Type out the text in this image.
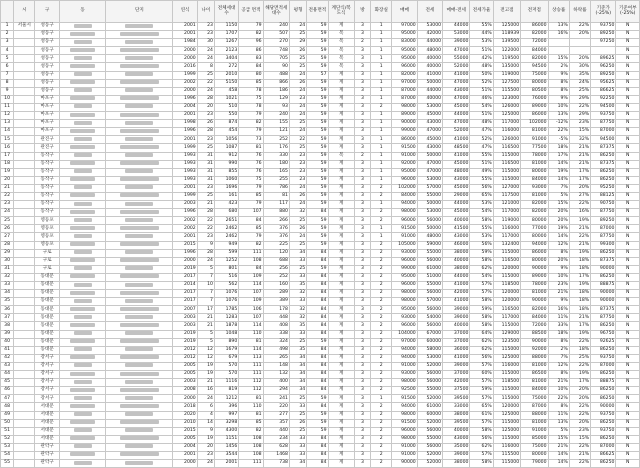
	시	구	동	단지	연식	나이	전체세대수	공급 면적	해당면적세대수	평형	전용면적	계단식/복도식	방	화장실	매매	전세	매매-전세	전세가율	전고점	전저점	상승률	하락률	기준가(-25%)	기준여부(-25%)
1	서울시	성동구			2001	23	1150	79	240	24	59	계	3	1	97000	53000	44000	55%	125000	86000	13%	22%	93750	N
2		성동구			2001	23	1707	82	507	25	59	복	3	1	95000	42000	53000	44%	118939	82000	16%	20%	89250	N
3		성동구			1984	30	1267	96	270	29	59	복	2	1	83000	44000	39000	53%	139500	72000			97250	N
4		성동구			2000	24	2123	86	748	26	59	복	3	1	95000	48000	47000	51%	122000	84000				N
5		성동구			2000	24	3404	83	705	25	59	복	3	1	95000	40000	55000	42%	119500	82000	15%	20%	89625	N
6		성동구			2016	8	272	84	90	25	59	복	3	1	96000	40000	52000	48%	135000	94500	2%	30%	96250	N
7		성동구			1999	25	2010	80	488	24	57	계	3	1	82000	41000	41000	50%	119000	75000	9%	35%	89250	N
8		성동구			2002	22	5150	85	866	26	59	계	3	1	97000	50000	47000	52%	127500	80000	8%	24%	95625	N
9		성동구			2000	24	458	78	186	24	59	계	3	1	87000	44000	43000	51%	115500	80500	8%	25%	86625	N
10		마포구			1996	28	1021	75	129	23	59	계	3	1	87000	40000	47000	46%	123000	76000	9%	29%	92250	N
11		마포구			2004	20	510	78	93	24	59	계	3	2	98000	53000	45000	54%	126000	89000	10%	22%	94500	N
12		마포구			2001	23	550	79	240	24	59	계	3	1	89000	45000	44000	51%	125000	86000	13%	29%	93750	N
13		마포구			1998	26	874	82	155	25	59	계	3	1	90000	43000	47000	48%	117000	102000	-12%	23%	87750	N
14		마포구			1996	28	454	79	121	24	59	계	3	1	99000	47000	52000	47%	116000	81000	22%	15%	87000	N
15		관진구			2001	23	1056	73	252	22	59	계	3	1	86000	45000	41000	52%	126000	91000	-5%	32%	94500	N
16		관진구			1999	25	1087	81	176	25	59	계	3	1	91500	43000	48500	47%	116500	77500	18%	21%	87375	N
17		동작구			1993	31	912	76	330	23	59	복	2	1	91000	50000	41000	55%	115000	78000	17%	21%	86250	N
18		동작구			1993	31	990	76	180	23	59	계	3	1	92000	47000	45000	51%	116500	81000	14%	21%	87375	N
19		동작구			1993	31	855	76	165	23	59	계	3	1	95000	47000	48000	49%	115000	80000	19%	17%	86250	N
20		동작구			1993	31	1060	75	255	23	59	계	3	1	96000	53000	43000	55%	115000	84000	14%	17%	86250	N
21		동작구			2001	23	1696	79	786	24	59	계	3	2	102000	57000	45000	56%	127000	93000	7%	20%	95250	N
22		동작구			1999	25	161	85	81	26	59	계	3	2	84000	55000	29000	65%	117500	81000	5%	27%	88125	N
23		동작구			2003	21	423	79	117	24	59	계	3	1	94000	50000	44000	53%	121000	82000	15%	22%	90750	N
24		동작구			1996	28	680	107	880	32	84	계	3	2	98000	53000	45000	54%	117000	82000	20%	16%	87750	N
25		영등포			2002	22	2651	84	266	25	59	계	3	2	96000	56000	40000	58%	119000	80000	20%	19%	89250	N
26		영등포			2002	22	2462	85	376	26	59	계	3	1	91500	50000	41500	55%	116000	77000	19%	21%	87000	N
27		영등포			2001	23	2462	79	376	24	59	계	3	1	91000	48000	43000	53%	117000	80000	14%	22%	87750	N
28		영등포			2015	9	949	82	225	25	59	계	3	2	105000	59000	46000	56%	132400	94000	12%	21%	99300	N
29		구로			1996	28	599	111	120	34	84	계	3	2	93000	55000	38000	59%	115000	86000	8%	19%	86250	N
30		구로			2000	24	1252	108	688	33	84	계	3	2	96000	56000	40000	58%	116500	80000	20%	18%	87375	N
31		구로			2019	5	801	84	256	25	59	계	3	2	99000	61000	38000	62%	120000	90000	9%	18%	90000	N
32		동대문			2017	7	516	109	252	33	84	계	3	2	95000	51000	44000	54%	115000	89000	10%	17%	86250	N
33		동대문			2014	10	562	114	160	35	84	계	3	2	96000	55000	41000	57%	118500	78000	23%	19%	88875	N
34		동대문			2017	7	1076	107	289	32	84	계	3	2	98000	56000	42000	57%	120000	81000	21%	18%	90000	N
35		동대문			2017	7	1076	109	389	33	84	계	3	2	98000	57000	41000	58%	120000	90000	9%	18%	90000	N
36		동대문			2007	17	1785	106	178	32	84	계	3	2	95000	56000	39000	59%	116500	82000	16%	18%	87375	N
37		동대문			2003	21	1283	107	448	32	84	계	3	2	93000	54000	39000	58%	117000	84000	11%	21%	87750	N
38		동대문			2003	21	1878	114	408	35	84	계	3	2	96000	56000	40000	58%	115000	72000	33%	17%	86250	N
39		동대문			2019	5	1048	110	338	33	84	계	3	2	104000	67000	37000	64%	129000	88500	18%	19%	96750	N
40		동대문			2019	5	890	81	324	25	59	계	3	2	97000	60000	37000	62%	123500	90000	8%	22%	92625	N
41		동대문			2012	12	1679	114	498	35	84	계	3	2	94000	58000	36000	62%	115000	92000	2%	18%	86250	N
42		강서구			2012	12	679	113	265	34	84	계	3	2	94000	53000	41000	56%	125000	88000	7%	25%	93750	N
43		강서구			2005	19	570	111	148	34	84	계	3	2	91000	52000	39000	57%	116000	81000	12%	22%	87000	N
44		강서구			2005	19	570	111	132	34	84	계	3	2	93000	56000	37000	60%	115000	86500	8%	19%	86250	N
45		강서구			2003	21	1116	112	400	34	84	계	3	2	98000	56000	42000	57%	118500	81000	21%	17%	88875	N
46		강서구			2008	16	819	112	294	34	84	계	3	2	92500	55000	37500	59%	115000	84000	10%	20%	86250	N
47		강서구			2000	24	1212	81	241	25	59	계	3	1	91500	52000	39500	57%	115000	75000	22%	20%	86250	N
48		서대문			2018	6	396	110	220	33	84	계	3	2	94000	61000	33000	65%	120000	87000	8%	22%	90000	N
49		서대문			2020	4	997	81	277	25	59	계	3	2	98000	60000	38000	61%	125000	88000	11%	22%	93750	N
50		서대문			2010	14	3298	85	357	26	59	계	3	2	91500	52000	39500	57%	115000	81000	13%	20%	86250	N
51		서대문			2015	9	4300	82	440	25	59	계	3	2	96000	56000	40000	58%	125000	91000	5%	23%	93750	N
52		서대문			2005	19	1151	108	234	33	84	계	3	2	98000	55000	43000	56%	115000	85000	15%	15%	86250	N
53		관악구			2004	20	1456	108	628	33	84	계	3	2	91000	56000	35000	62%	116000	75000	21%	22%	87000	N
54		관악구			2001	23	3544	108	1468	33	84	계	3	2	91000	52000	39000	57%	115500	80000	14%	21%	86625	N
55		관악구			2000	24	2001	111	738	34	84	계	3	2	90000	52000	38000	58%	115000	79000	14%	22%	86250	N
